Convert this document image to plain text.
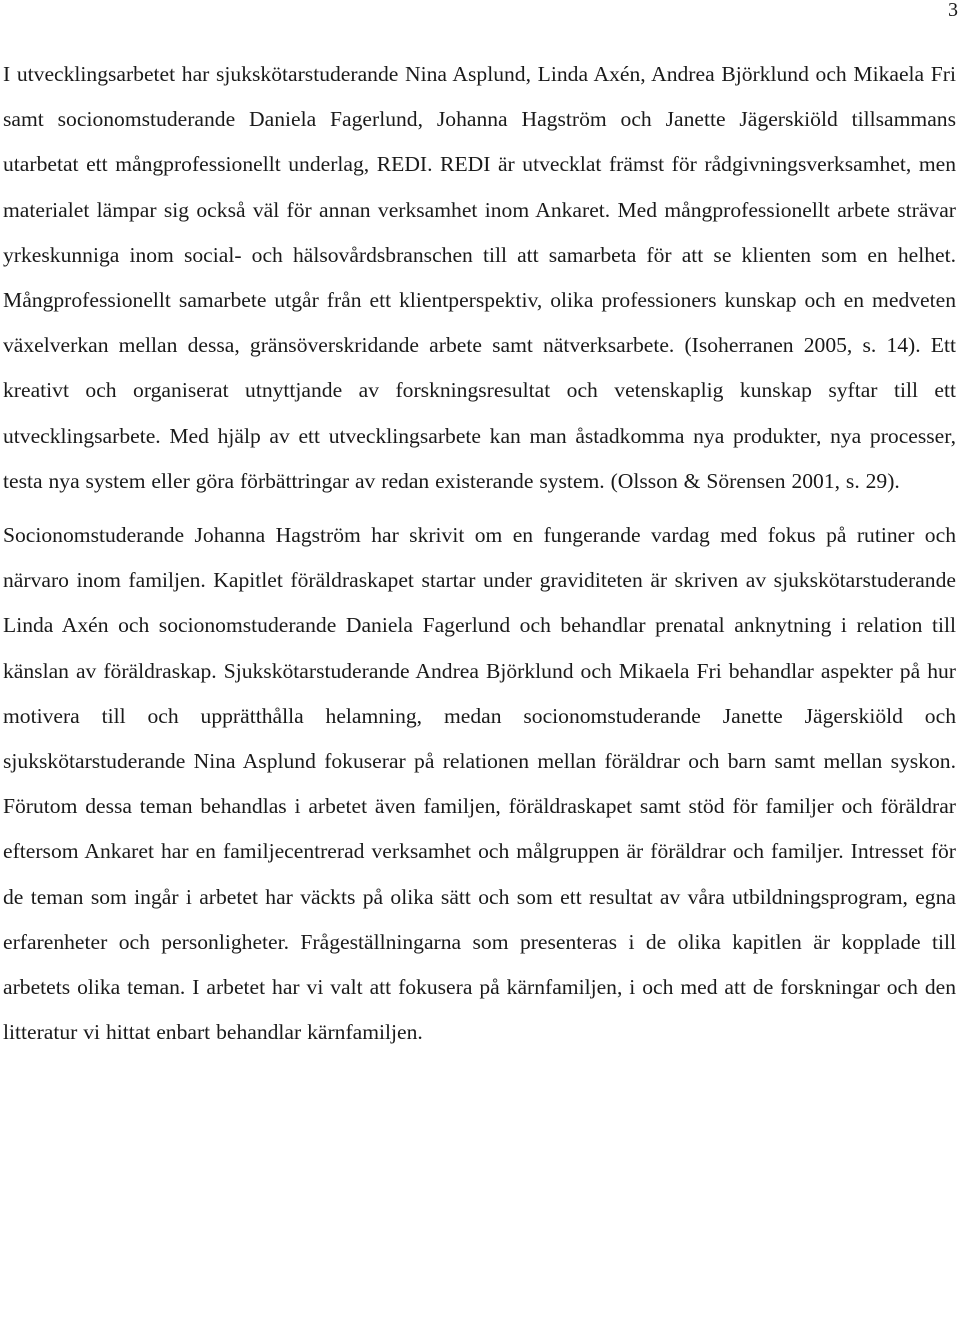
3

I utvecklingsarbetet har sjukskötarstuderande Nina Asplund, Linda Axén, Andrea Björklund och Mikaela Fri samt socionomstuderande Daniela Fagerlund, Johanna Hagström och Janette Jägerskiöld tillsammans utarbetat ett mångprofessionellt underlag, REDI. REDI är utvecklat främst för rådgivningsverksamhet, men materialet lämpar sig också väl för annan verksamhet inom Ankaret. Med mångprofessionellt arbete strävar yrkeskunniga inom social- och hälsovårdsbranschen till att samarbeta för att se klienten som en helhet. Mångprofessionellt samarbete utgår från ett klientperspektiv, olika professioners kunskap och en medveten växelverkan mellan dessa, gränsöverskridande arbete samt nätverksarbete. (Isoherranen 2005, s. 14). Ett kreativt och organiserat utnyttjande av forskningsresultat och vetenskaplig kunskap syftar till ett utvecklingsarbete. Med hjälp av ett utvecklingsarbete kan man åstadkomma nya produkter, nya processer, testa nya system eller göra förbättringar av redan existerande system. (Olsson & Sörensen 2001, s. 29).

Socionomstuderande Johanna Hagström har skrivit om en fungerande vardag med fokus på rutiner och närvaro inom familjen. Kapitlet föräldraskapet startar under graviditeten är skriven av sjukskötarstuderande Linda Axén och socionomstuderande Daniela Fagerlund och behandlar prenatal anknytning i relation till känslan av föräldraskap. Sjukskötarstuderande Andrea Björklund och Mikaela Fri behandlar aspekter på hur motivera till och upprätthålla helamning, medan socionomstuderande Janette Jägerskiöld och sjukskötarstuderande Nina Asplund fokuserar på relationen mellan föräldrar och barn samt mellan syskon. Förutom dessa teman behandlas i arbetet även familjen, föräldraskapet samt stöd för familjer och föräldrar eftersom Ankaret har en familjecentrerad verksamhet och målgruppen är föräldrar och familjer. Intresset för de teman som ingår i arbetet har väckts på olika sätt och som ett resultat av våra utbildningsprogram, egna erfarenheter och personligheter. Frågeställningarna som presenteras i de olika kapitlen är kopplade till arbetets olika teman. I arbetet har vi valt att fokusera på kärnfamiljen, i och med att de forskningar och den litteratur vi hittat enbart behandlar kärnfamiljen.
